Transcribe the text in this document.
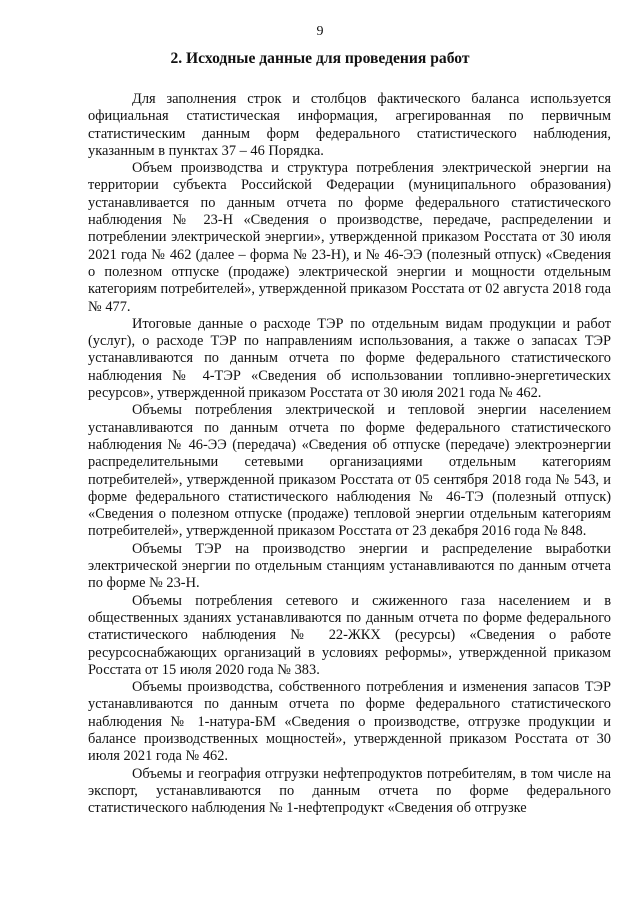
9
2. Исходные данные для проведения работ

Для заполнения строк и столбцов фактического баланса используется официальная статистическая информация, агрегированная по первичным статистическим данным форм федерального статистического наблюдения, указанным в пунктах 37 – 46 Порядка.

Объем производства и структура потребления электрической энергии на территории субъекта Российской Федерации (муниципального образования) устанавливается по данным отчета по форме федерального статистического наблюдения № 23-Н «Сведения о производстве, передаче, распределении и потреблении электрической энергии», утвержденной приказом Росстата от 30 июля 2021 года № 462 (далее – форма № 23-Н), и № 46-ЭЭ (полезный отпуск) «Сведения о полезном отпуске (продаже) электрической энергии и мощности отдельным категориям потребителей», утвержденной приказом Росстата от 02 августа 2018 года № 477.

Итоговые данные о расходе ТЭР по отдельным видам продукции и работ (услуг), о расходе ТЭР по направлениям использования, а также о запасах ТЭР устанавливаются по данным отчета по форме федерального статистического наблюдения № 4-ТЭР «Сведения об использовании топливно-энергетических ресурсов», утвержденной приказом Росстата от 30 июля 2021 года № 462.

Объемы потребления электрической и тепловой энергии населением устанавливаются по данным отчета по форме федерального статистического наблюдения № 46-ЭЭ (передача) «Сведения об отпуске (передаче) электроэнергии распределительными сетевыми организациями отдельным категориям потребителей», утвержденной приказом Росстата от 05 сентября 2018 года № 543, и форме федерального статистического наблюдения № 46-ТЭ (полезный отпуск) «Сведения о полезном отпуске (продаже) тепловой энергии отдельным категориям потребителей», утвержденной приказом Росстата от 23 декабря 2016 года № 848.

Объемы ТЭР на производство энергии и распределение выработки электрической энергии по отдельным станциям устанавливаются по данным отчета по форме № 23-Н.

Объемы потребления сетевого и сжиженного газа населением и в общественных зданиях устанавливаются по данным отчета по форме федерального статистического наблюдения № 22-ЖКХ (ресурсы) «Сведения о работе ресурсоснабжающих организаций в условиях реформы», утвержденной приказом Росстата от 15 июля 2020 года № 383.

Объемы производства, собственного потребления и изменения запасов ТЭР устанавливаются по данным отчета по форме федерального статистического наблюдения № 1-натура-БМ «Сведения о производстве, отгрузке продукции и балансе производственных мощностей», утвержденной приказом Росстата от 30 июля 2021 года № 462.

Объемы и география отгрузки нефтепродуктов потребителям, в том числе на экспорт, устанавливаются по данным отчета по форме федерального статистического наблюдения № 1-нефтепродукт «Сведения об отгрузке
